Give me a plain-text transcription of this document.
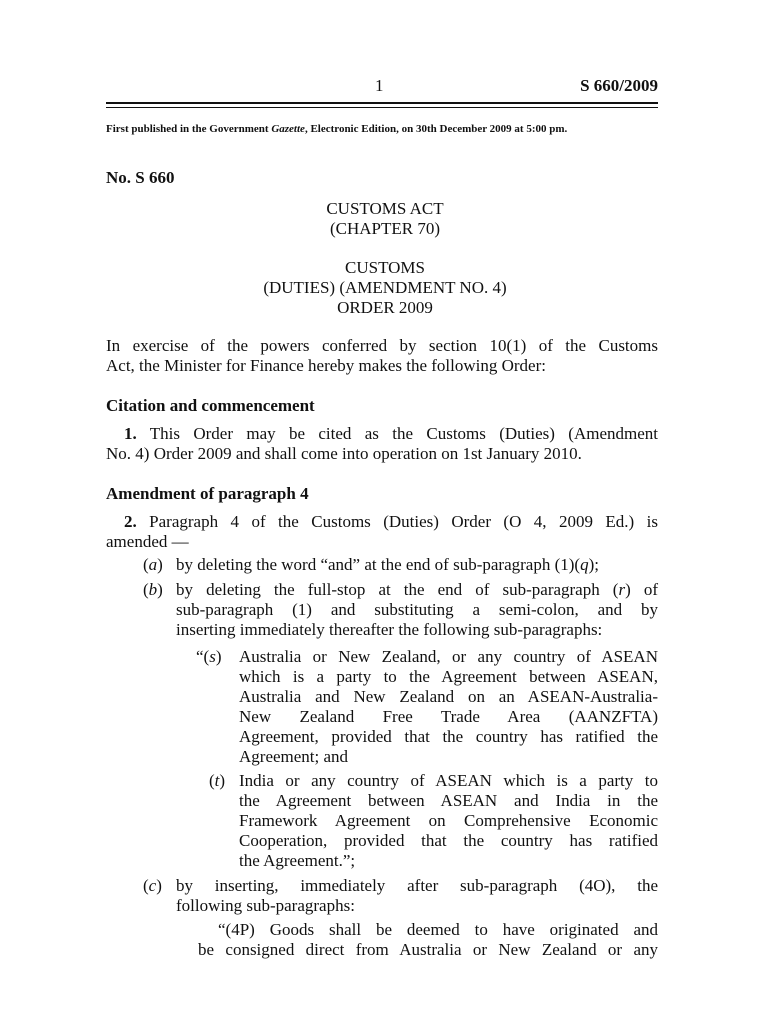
1	S 660/2009
First published in the Government Gazette, Electronic Edition, on 30th December 2009 at 5:00 pm.
No. S 660
CUSTOMS ACT
(CHAPTER 70)
CUSTOMS
(DUTIES) (AMENDMENT NO. 4)
ORDER 2009
In exercise of the powers conferred by section 10(1) of the Customs
Act, the Minister for Finance hereby makes the following Order:
Citation and commencement
1. This Order may be cited as the Customs (Duties) (Amendment
No. 4) Order 2009 and shall come into operation on 1st January 2010.
Amendment of paragraph 4
2. Paragraph 4 of the Customs (Duties) Order (O 4, 2009 Ed.) is
amended —
(a) by deleting the word “and” at the end of sub-paragraph (1)(q);
(b) by deleting the full-stop at the end of sub-paragraph (r) of
sub-paragraph (1) and substituting a semi-colon, and by
inserting immediately thereafter the following sub-paragraphs:
“(s) Australia or New Zealand, or any country of ASEAN
which is a party to the Agreement between ASEAN,
Australia and New Zealand on an ASEAN-Australia-
New Zealand Free Trade Area (AANZFTA)
Agreement, provided that the country has ratified the
Agreement; and
(t) India or any country of ASEAN which is a party to
the Agreement between ASEAN and India in the
Framework Agreement on Comprehensive Economic
Cooperation, provided that the country has ratified
the Agreement.”;
(c) by inserting, immediately after sub-paragraph (4O), the
following sub-paragraphs:
“(4P) Goods shall be deemed to have originated and
be consigned direct from Australia or New Zealand or any
